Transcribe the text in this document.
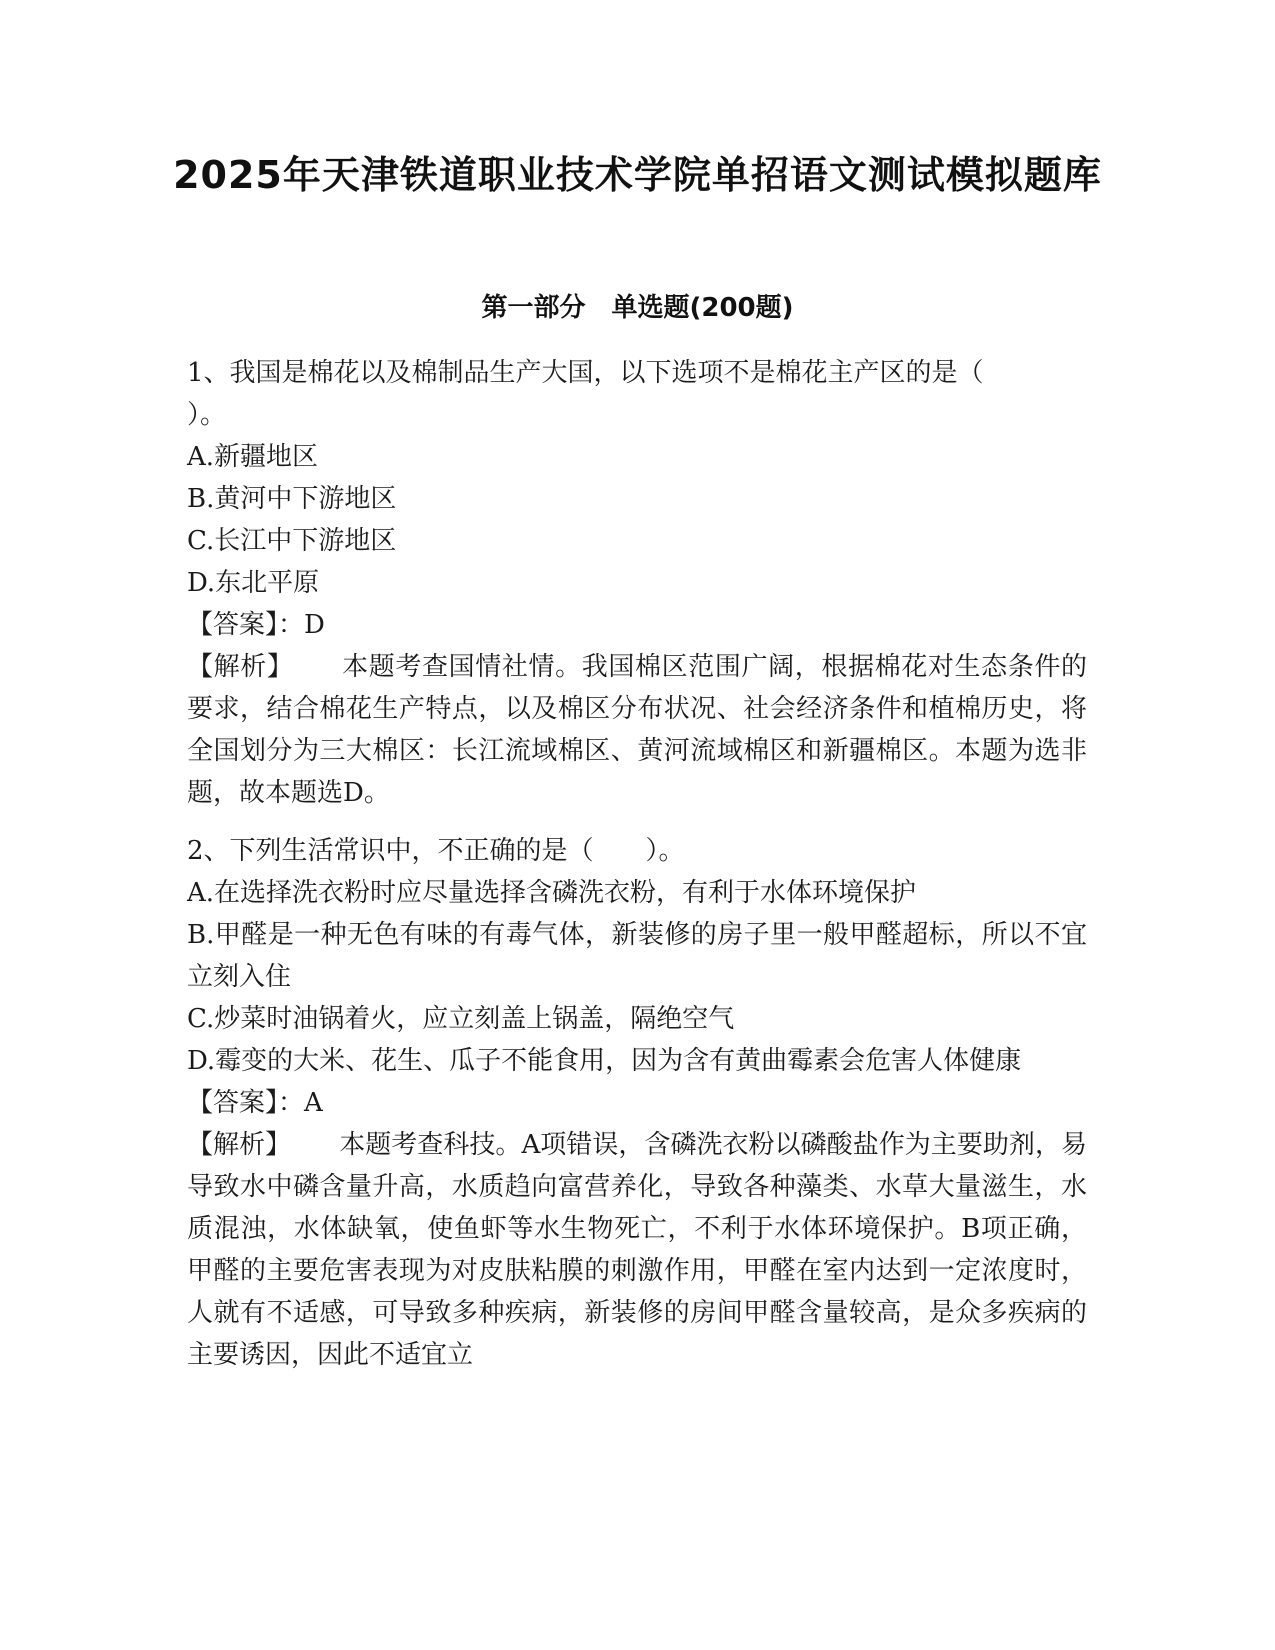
2025年天津铁道职业技术学院单招语文测试模拟题库
第一部分　单选题(200题)
1、我国是棉花以及棉制品生产大国，以下选项不是棉花主产区的是（
）。
A.新疆地区
B.黄河中下游地区
C.长江中下游地区
D.东北平原
【答案】：D
【解析】 本题考查国情社情。我国棉区范围广阔，根据棉花对生态条件的要求，结合棉花生产特点，以及棉区分布状况、社会经济条件和植棉历史，将全国划分为三大棉区：长江流域棉区、黄河流域棉区和新疆棉区。本题为选非题，故本题选D。
2、下列生活常识中，不正确的是（　　）。
A.在选择洗衣粉时应尽量选择含磷洗衣粉，有利于水体环境保护
B.甲醛是一种无色有味的有毒气体，新装修的房子里一般甲醛超标，所以不宜立刻入住
C.炒菜时油锅着火，应立刻盖上锅盖，隔绝空气
D.霉变的大米、花生、瓜子不能食用，因为含有黄曲霉素会危害人体健康
【答案】：A
【解析】 本题考查科技。A项错误，含磷洗衣粉以磷酸盐作为主要助剂，易导致水中磷含量升高，水质趋向富营养化，导致各种藻类、水草大量滋生，水质混浊，水体缺氧，使鱼虾等水生物死亡，不利于水体环境保护。B项正确，甲醛的主要危害表现为对皮肤粘膜的刺激作用，甲醛在室内达到一定浓度时，人就有不适感，可导致多种疾病，新装修的房间甲醛含量较高，是众多疾病的主要诱因，因此不适宜立
